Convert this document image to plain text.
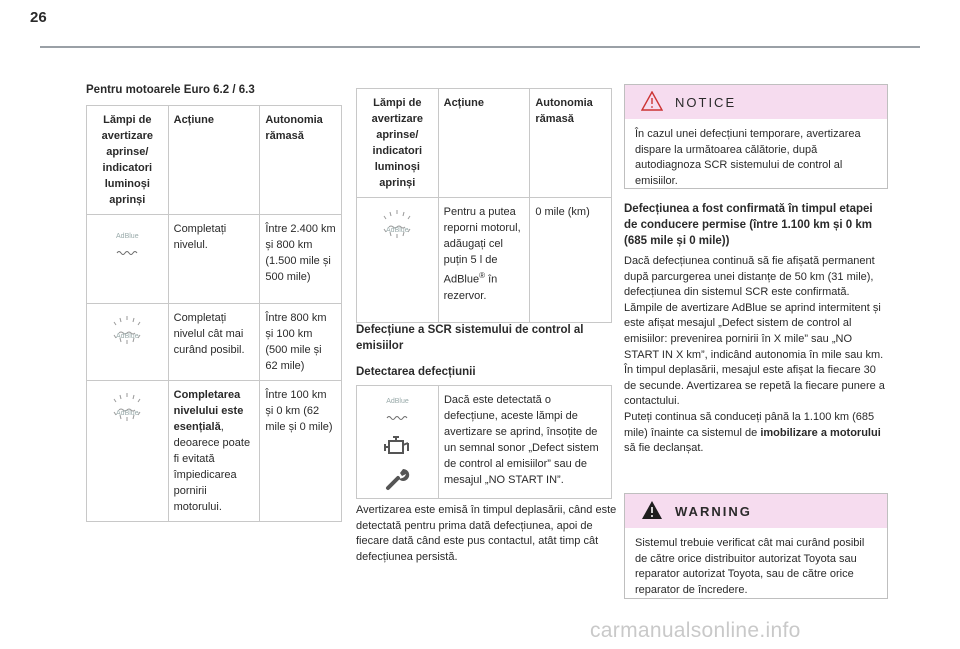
26
Pentru motoarele Euro 6.2 / 6.3
Lămpi de avertizare aprinse/ indicatori luminoși aprinși	Acțiune	Autonomia rămasă

AdBlue	Completați nivelul.	Între 2.400 km și 800 km (1.500 mile și 500 mile)

AdBlue	Completați nivelul cât mai curând posibil.	Între 800 km și 100 km (500 mile și 62 mile)

AdBlue	Completarea nivelului este esențială, deoarece poate fi evitată împiedicarea pornirii motorului.	Între 100 km și 0 km (62 mile și 0 mile)
Lămpi de avertizare aprinse/ indicatori luminoși aprinși	Acțiune	Autonomia rămasă

AdBlue	Pentru a putea reporni motorul, adăugați cel puțin 5 l de AdBlue® în rezervor.	0 mile (km)
Defecțiune a SCR sistemului de control al emisiilor
Detectarea defecțiunii
AdBlue	Dacă este detectată o defecțiune, aceste lămpi de avertizare se aprind, însoțite de un semnal sonor „Defect sistem de control al emisiilor” sau de mesajul „NO START IN”.
Avertizarea este emisă în timpul deplasării, când este detectată pentru prima dată defecțiunea, apoi de fiecare dată când este pus contactul, atât timp cât defecțiunea persistă.
NOTICE
În cazul unei defecțiuni temporare, avertizarea dispare la următoarea călătorie, după autodiagnoza SCR sistemului de control al emisiilor.
Defecțiunea a fost confirmată în timpul etapei de conducere permise (între 1.100 km și 0 km (685 mile și 0 mile))
Dacă defecțiunea continuă să fie afișată permanent după parcurgerea unei distanțe de 50 km (31 mile), defecțiunea din sistemul SCR este confirmată.
Lămpile de avertizare AdBlue se aprind intermitent și este afișat mesajul „Defect sistem de control al emisiilor: prevenirea pornirii în X mile” sau „NO START IN X km”, indicând autonomia în mile sau km.
În timpul deplasării, mesajul este afișat la fiecare 30 de secunde. Avertizarea se repetă la fiecare punere a contactului.
Puteți continua să conduceți până la 1.100 km (685 mile) înainte ca sistemul de imobilizare a motorului să fie declanșat.
WARNING
Sistemul trebuie verificat cât mai curând posibil de către orice distribuitor autorizat Toyota sau reparator autorizat Toyota, sau de către orice reparator de încredere.
carmanualsonline.info
